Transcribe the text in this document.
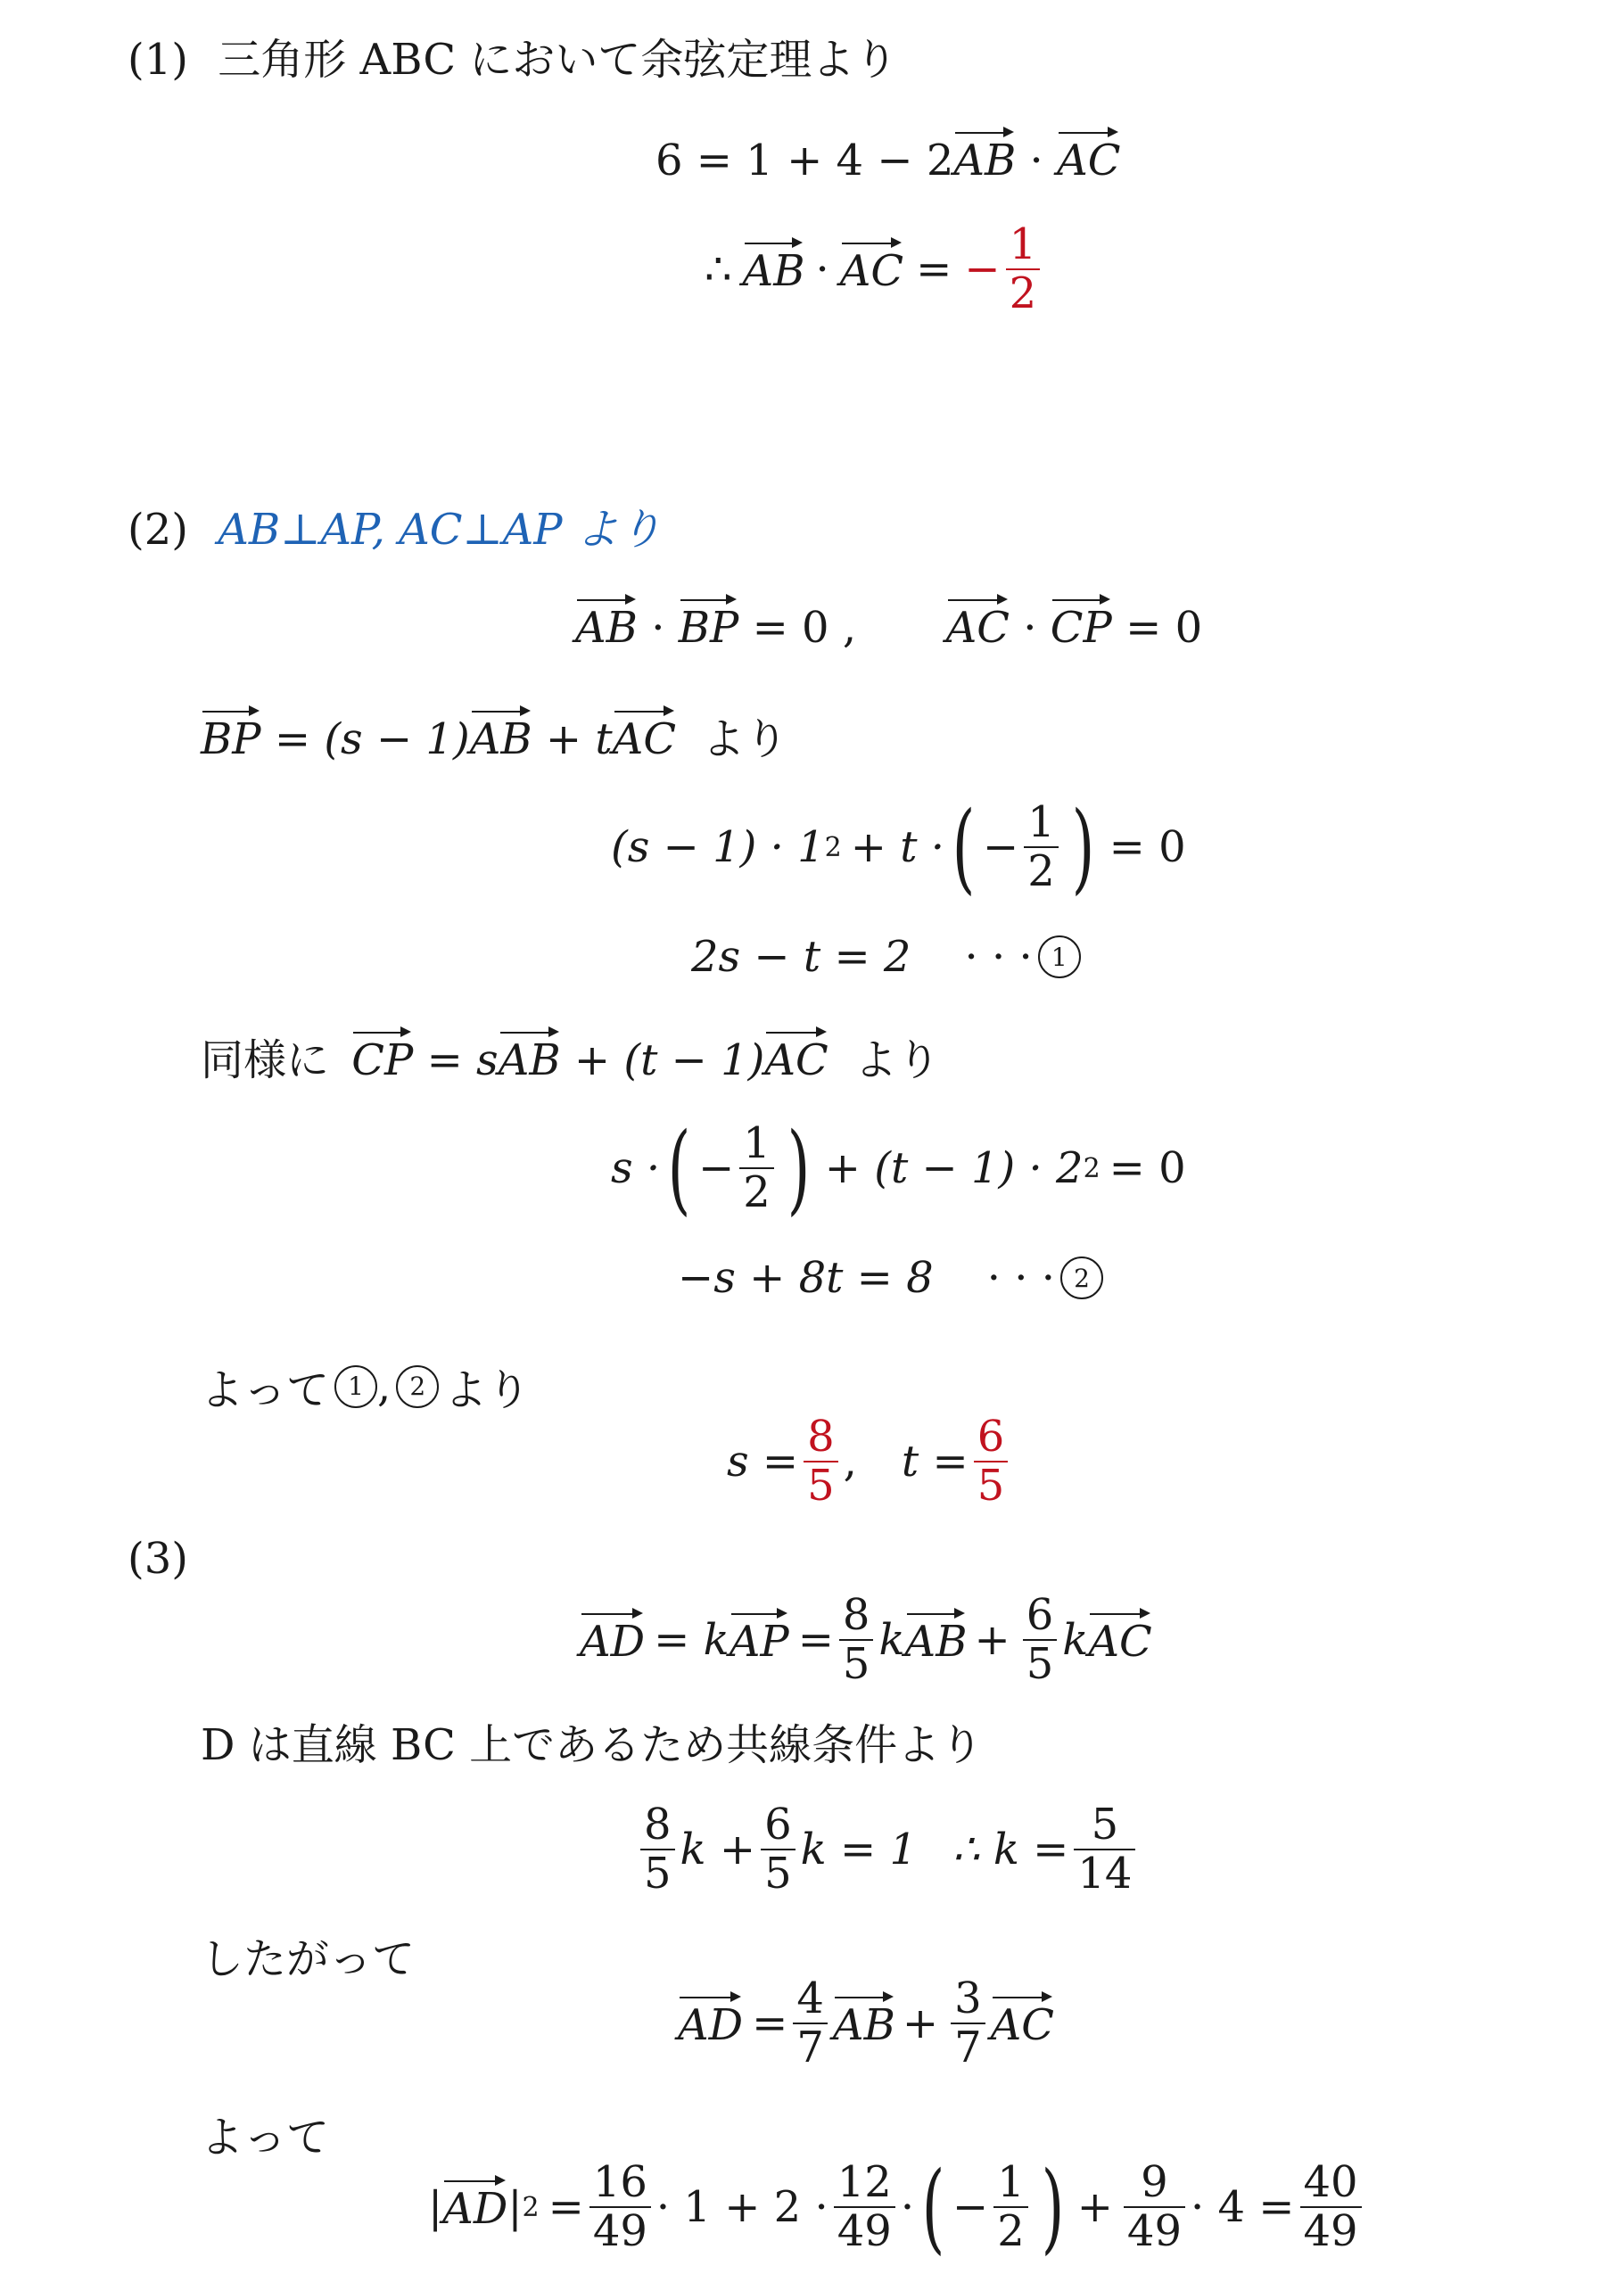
(1) 三角形 ABC において余弦定理より
6 = 1 + 4 − 2AB · AC
∴ AB · AC = − $\frac{1}{2}$
(2) AB⊥AP, AC⊥AP より
AB · BP = 0 , AC · CP = 0
BP = (s − 1)AB + tAC より
(s − 1) · 1 2 + t · ( − $\frac{1}{2}$ ) = 0
2s − t = 2 · · · 1
同様に CP = sAB + (t − 1)AC より
s · ( − $\frac{1}{2}$ ) + (t − 1) · 2 2 = 0
−s + 8t = 8 · · · 2
よって 1 , 2 より
$s = \frac{8}{5}$ , $t = \frac{6}{5}$
(3)
AD = k AP = $\frac{8}{5}$ k AB + $\frac{6}{5}$ k AC
D は直線 BC 上であるため共線条件より
$\frac{8}{5}$ $k + \frac{6}{5}$ k = 1 ∴ $k = \frac{5}{14}$
したがって
AD = $\frac{4}{7}$ AB + $\frac{3}{7}$ AC
よって
| AD | $2 = \frac{16}{49} \cdot 1 + 2 \cdot \frac{12}{49}$ · ( − $\frac{1}{2}$ ) + $\frac{9}{49} \cdot 4 = \frac{40}{49}$
